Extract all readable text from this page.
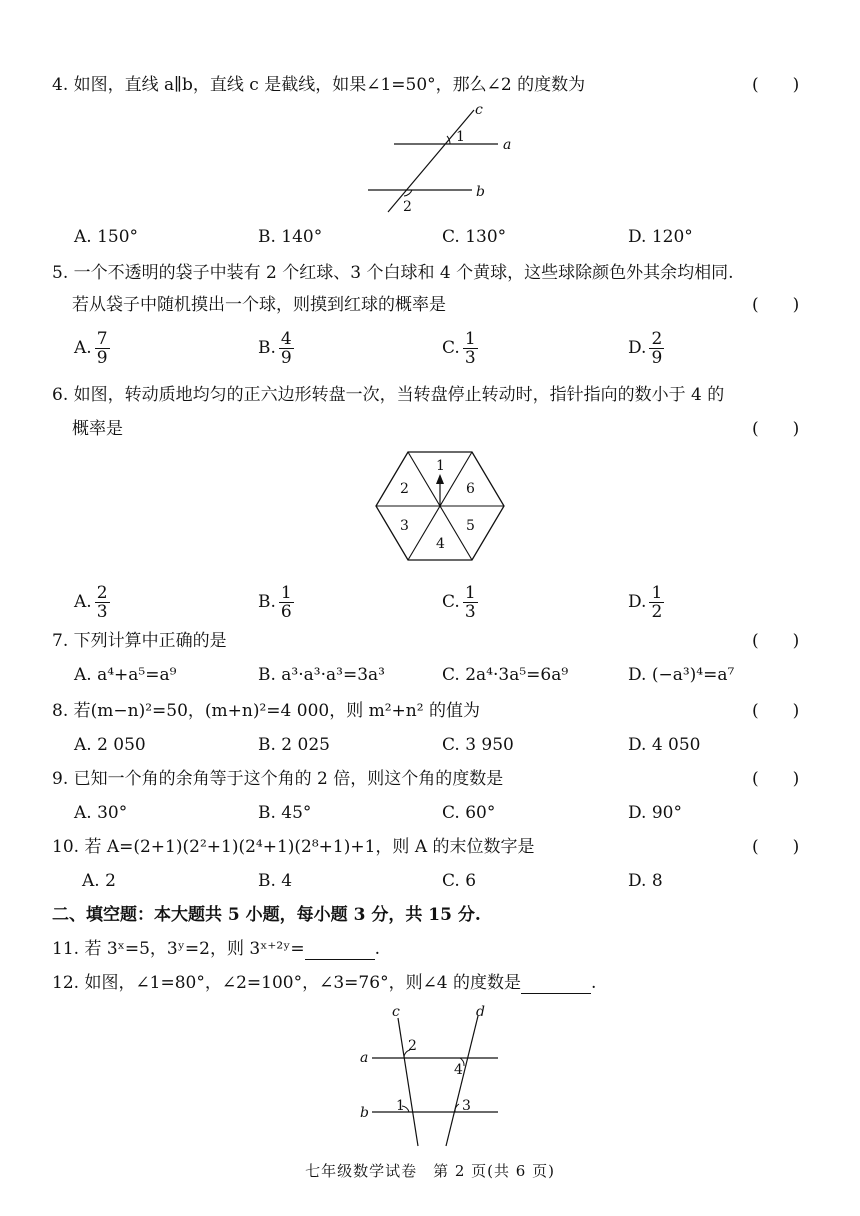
4. 如图，直线 a∥b，直线 c 是截线，如果∠1=50°，那么∠2 的度数为	(　　)
c
1	a
b
2
A. 150°	B. 140°	C. 130°	D. 120°
5. 一个不透明的袋子中装有 2 个红球、3 个白球和 4 个黄球，这些球除颜色外其余均相同.
若从袋子中随机摸出一个球，则摸到红球的概率是	(　　)
A. $\frac{7}{9}$	B. $\frac{4}{9}$	C. $\frac{1}{3}$	D. $\frac{2}{9}$
6. 如图，转动质地均匀的正六边形转盘一次，当转盘停止转动时，指针指向的数小于 4 的
概率是	(　　)
1
2
3
4
5
6
A. $\frac{2}{3}$	B. $\frac{1}{6}$	C. $\frac{1}{3}$	D. $\frac{1}{2}$
7. 下列计算中正确的是	(　　)
A. a⁴+a⁵=a⁹	B. a³·a³·a³=3a³	C. 2a⁴·3a⁵=6a⁹	D. (−a³)⁴=a⁷
8. 若(m−n)²=50，(m+n)²=4 000，则 m²+n² 的值为	(　　)
A. 2 050	B. 2 025	C. 3 950	D. 4 050
9. 已知一个角的余角等于这个角的 2 倍，则这个角的度数是	(　　)
A. 30°	B. 45°	C. 60°	D. 90°
10. 若 A=(2+1)(2²+1)(2⁴+1)(2⁸+1)+1，则 A 的末位数字是	(　　)
A. 2	B. 4	C. 6	D. 8
二、填空题：本大题共 5 小题，每小题 3 分，共 15 分.
11. 若 3ˣ=5，3ʸ=2，则 3ˣ⁺²ʸ=	.
12. 如图，∠1=80°，∠2=100°，∠3=76°，则∠4 的度数是	.
c	d
a
b
2
4
1	3
七年级数学试卷　第 2 页(共 6 页)
